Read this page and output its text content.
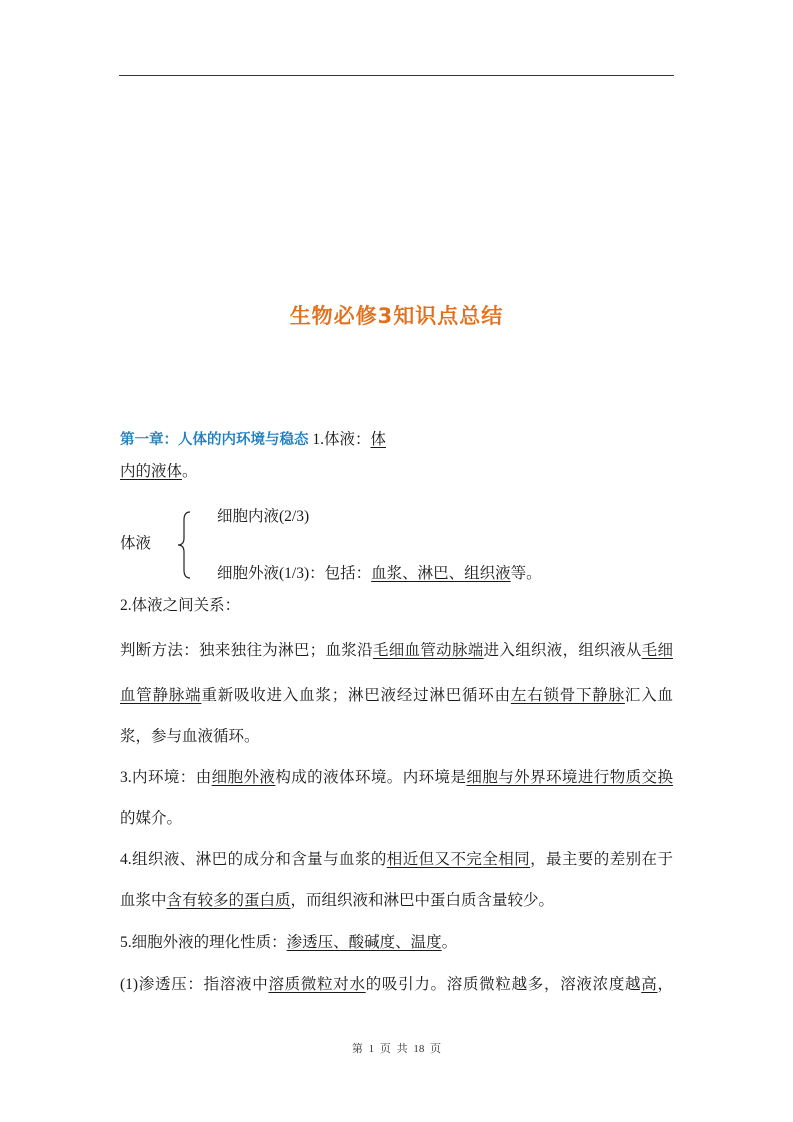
生物必修3知识点总结
第一章：人体的内环境与稳态 1.体液：体
内的液体。
体液
细胞内液(2/3)
细胞外液(1/3)：包括：血浆、淋巴、组织液等。
2.体液之间关系：
判断方法：独来独往为淋巴；血浆沿毛细血管动脉端进入组织液，组织液从毛细
血管静脉端重新吸收进入血浆；淋巴液经过淋巴循环由左右锁骨下静脉汇入血
浆，参与血液循环。
3.内环境：由细胞外液构成的液体环境。内环境是细胞与外界环境进行物质交换
的媒介。
4.组织液、淋巴的成分和含量与血浆的相近但又不完全相同，最主要的差别在于
血浆中含有较多的蛋白质，而组织液和淋巴中蛋白质含量较少。
5.细胞外液的理化性质：渗透压、酸碱度、温度。
(1)渗透压：指溶液中溶质微粒对水的吸引力。溶质微粒越多，溶液浓度越高，
第 1 页 共 18 页
